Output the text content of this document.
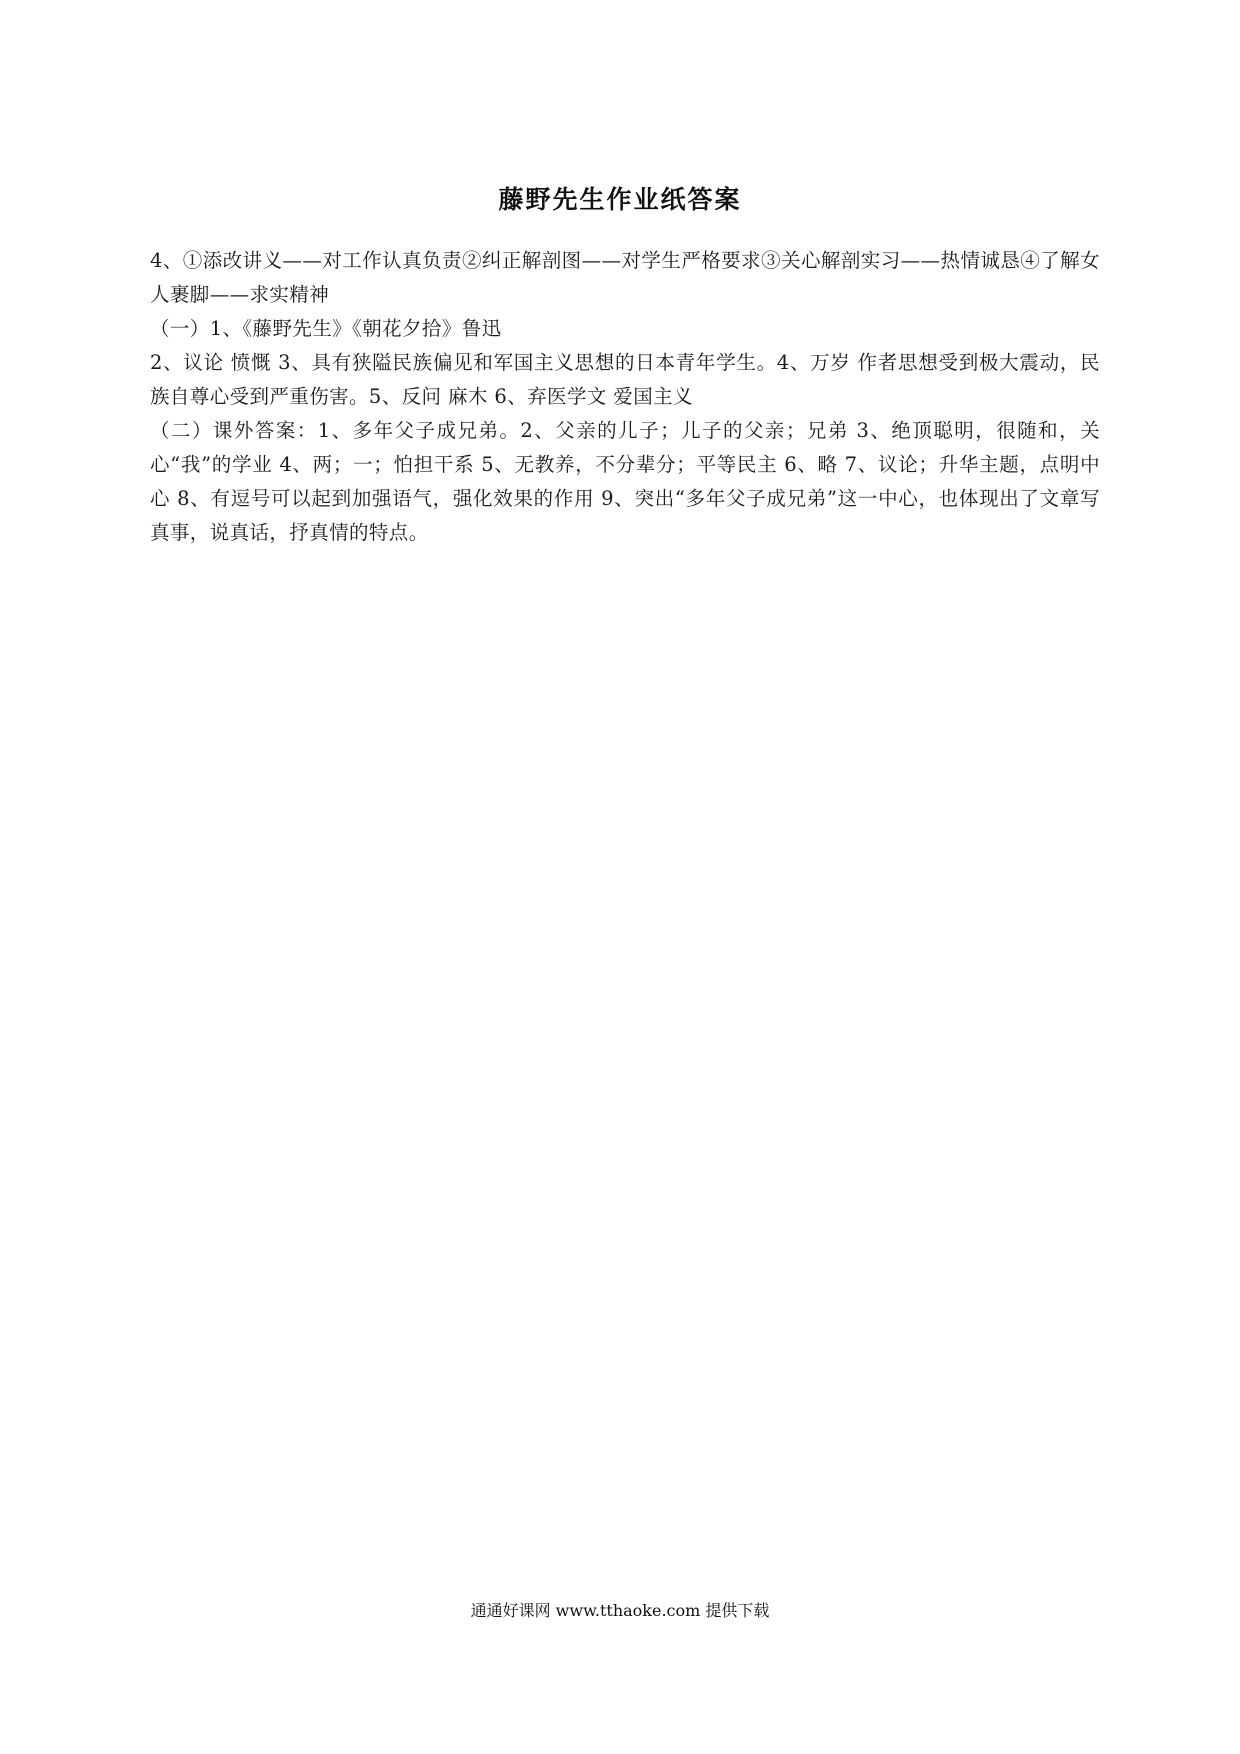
藤野先生作业纸答案

4、①添改讲义——对工作认真负责②纠正解剖图——对学生严格要求③关心解剖实习——热情诚恳④了解女人裹脚——求实精神

（一）1、《藤野先生》《朝花夕拾》鲁迅

2、议论 愤慨 3、具有狭隘民族偏见和军国主义思想的日本青年学生。4、万岁 作者思想受到极大震动，民族自尊心受到严重伤害。5、反问 麻木 6、弃医学文 爱国主义

（二）课外答案：1、多年父子成兄弟。2、父亲的儿子；儿子的父亲；兄弟 3、绝顶聪明，很随和，关心“我”的学业 4、两；一；怕担干系 5、无教养，不分辈分；平等民主 6、略 7、议论；升华主题，点明中心 8、有逗号可以起到加强语气，强化效果的作用 9、突出“多年父子成兄弟”这一中心，也体现出了文章写真事，说真话，抒真情的特点。

通通好课网 www.tthaoke.com 提供下载
